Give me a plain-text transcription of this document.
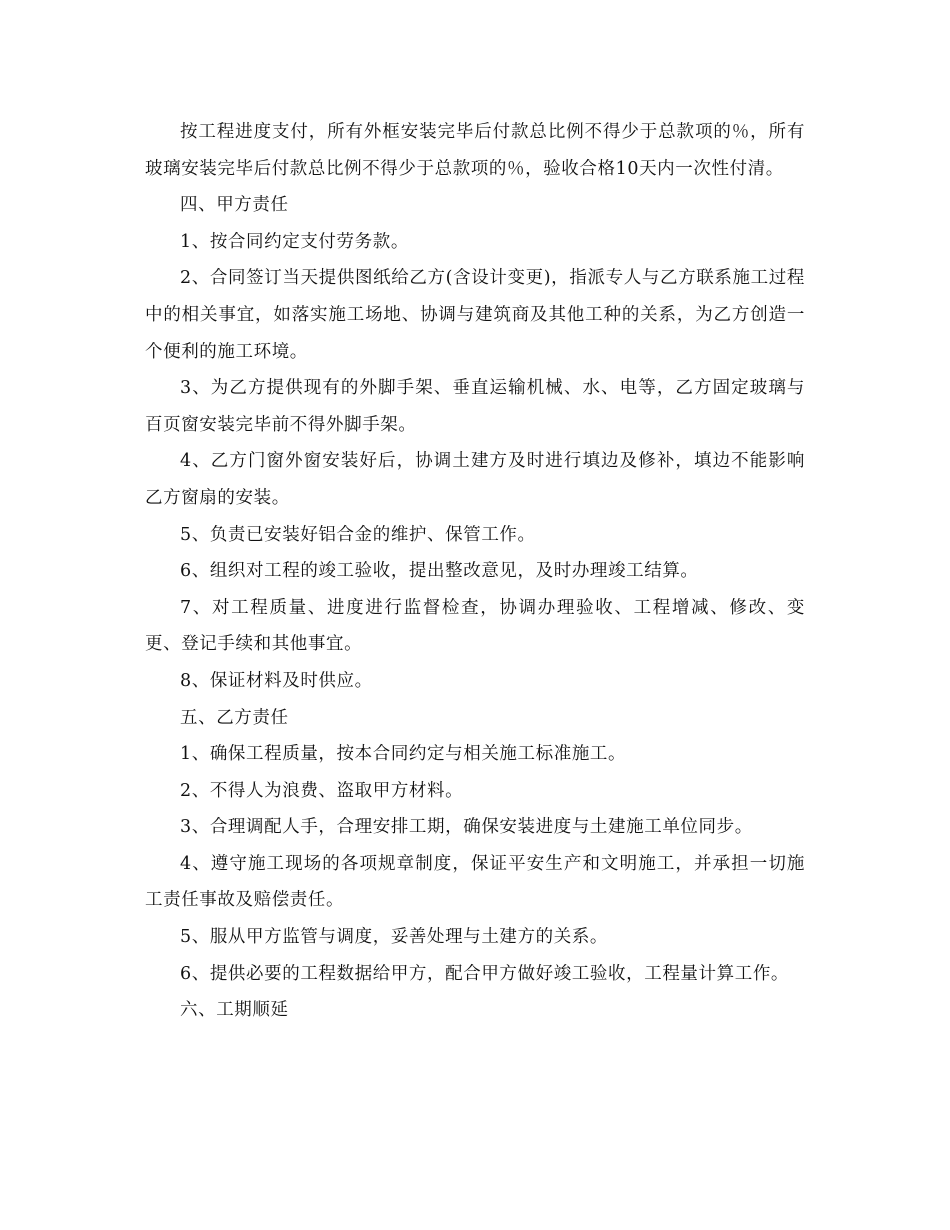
按工程进度支付，所有外框安装完毕后付款总比例不得少于总款项的％，所有玻璃安装完毕后付款总比例不得少于总款项的％，验收合格10天内一次性付清。

四、甲方责任

1、按合同约定支付劳务款。

2、合同签订当天提供图纸给乙方(含设计变更)，指派专人与乙方联系施工过程中的相关事宜，如落实施工场地、协调与建筑商及其他工种的关系，为乙方创造一个便利的施工环境。

3、为乙方提供现有的外脚手架、垂直运输机械、水、电等，乙方固定玻璃与百页窗安装完毕前不得外脚手架。

4、乙方门窗外窗安装好后，协调土建方及时进行填边及修补，填边不能影响乙方窗扇的安装。

5、负责已安装好铝合金的维护、保管工作。

6、组织对工程的竣工验收，提出整改意见，及时办理竣工结算。

7、对工程质量、进度进行监督检查，协调办理验收、工程增减、修改、变更、登记手续和其他事宜。

8、保证材料及时供应。

五、乙方责任

1、确保工程质量，按本合同约定与相关施工标准施工。

2、不得人为浪费、盗取甲方材料。

3、合理调配人手，合理安排工期，确保安装进度与土建施工单位同步。

4、遵守施工现场的各项规章制度，保证平安生产和文明施工，并承担一切施工责任事故及赔偿责任。

5、服从甲方监管与调度，妥善处理与土建方的关系。

6、提供必要的工程数据给甲方，配合甲方做好竣工验收，工程量计算工作。

六、工期顺延
